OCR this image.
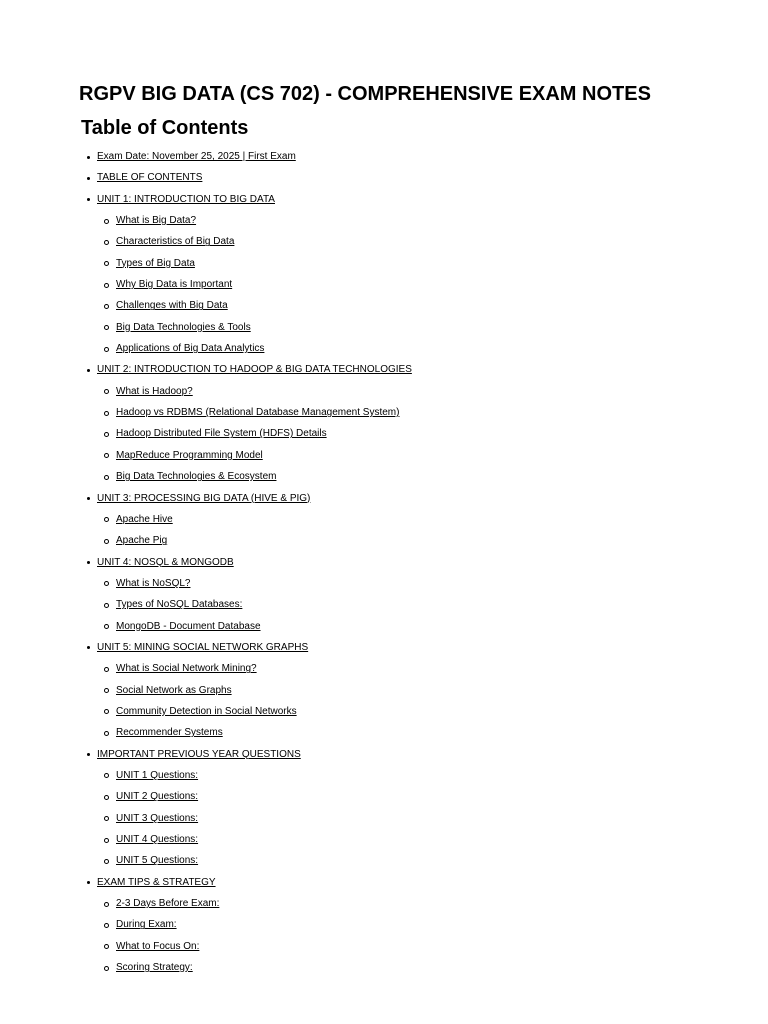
RGPV BIG DATA (CS 702) - COMPREHENSIVE EXAM NOTES
Table of Contents
Exam Date: November 25, 2025 | First Exam
TABLE OF CONTENTS
UNIT 1: INTRODUCTION TO BIG DATA
What is Big Data?
Characteristics of Big Data
Types of Big Data
Why Big Data is Important
Challenges with Big Data
Big Data Technologies & Tools
Applications of Big Data Analytics
UNIT 2: INTRODUCTION TO HADOOP & BIG DATA TECHNOLOGIES
What is Hadoop?
Hadoop vs RDBMS (Relational Database Management System)
Hadoop Distributed File System (HDFS) Details
MapReduce Programming Model
Big Data Technologies & Ecosystem
UNIT 3: PROCESSING BIG DATA (HIVE & PIG)
Apache Hive
Apache Pig
UNIT 4: NOSQL & MONGODB
What is NoSQL?
Types of NoSQL Databases:
MongoDB - Document Database
UNIT 5: MINING SOCIAL NETWORK GRAPHS
What is Social Network Mining?
Social Network as Graphs
Community Detection in Social Networks
Recommender Systems
IMPORTANT PREVIOUS YEAR QUESTIONS
UNIT 1 Questions:
UNIT 2 Questions:
UNIT 3 Questions:
UNIT 4 Questions:
UNIT 5 Questions:
EXAM TIPS & STRATEGY
2-3 Days Before Exam:
During Exam:
What to Focus On:
Scoring Strategy:
